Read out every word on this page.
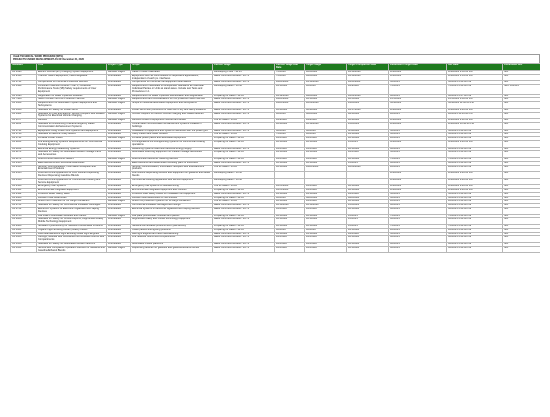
UL&E TECHNICAL WORK PROGRAM (WTG)
PROJECTS UNDER DEVELOPMENT AS OF December 31, 2020
Standard	Title	Project Type	Scope	Current Stage	Current Stage Due Date	Target Stage	Target Completion Date	Publication Target Date	ISO Date	Committed Rev
UL 1993	Electric Vehicle (EV) Charging System Equipment	Revised Pages	Cable Trouble Calibrated	Developing Proof - 10.15	7/1/2020	9/16/2020	10/16/2020	4/30/2021	4/30/2021 9:56:00 PM	N/A
UL 9540	Transfer Switch Equipment, Interchangeable	First Edition	Equipment such as commodities for dependent applications, independent of each ps. interfaces	Ballot Comment Review - 46.71	7/1/2020	9/26/2020	10/16/2020	4/30/2021	4/30/2021 4:34:00 PM	N/A
UL 1741	Components for Personal Protective Devices	First Edition	Components for Personal Tall Equipment Alternatives	Ballot Comment Review - 46.71	11/26/2020	10/16/2020	11/16/2020	3/1/2021	3/1/2021 9:46:00 PM	N/A
UL 1449	Personal Protection Devices - Part 3, Ultraviolet Performance Tests (SB) Safety requirements of User Equipment	First Edition	Requirements Individuals for Endpointed Standards as Individual Individual Parties or Units at stand-taxes. Include test Tests and Procedures in 1	Developing Ballot - 10.30	10/1/2020	9/1/2020	11/4/2020	7/1/2021	7/1/2021 9:46:00 PM	SRC 10459.0
UL 1995	Registration of Water Pipelines Modules	First Edition	Requirements for Water Pipelines Identification and Registration	Preparing for Ballot - 42.10	10/12/2020	9/20/2020	10/21/2020	6/1/2021	6/1/2021 9:47:00 PM	N/A
UL 746C	Switch Vendor Net Fire Protection Service	Revised Pages	Requirements and considerations for fire protection switch service	Ballot Comment Review - 46.71	11/26/2020	12/1/2020	12/5/2020	1/15/2021	1/15/2021 8:39:00 PM	N/A
UL 1004	Requirements for Automation System Equipment and Subsystems	Revised Pages	Scope of industrial automation equipment and subsystems	Ballot Comment Review - 46.71	11/20/2020	12/20/2020	1/20/2021	3/19/2021	3/19/2021 11:06:00 PM	N/A
UL 1066	Standard for Safety for Power Items	First Edition	Power items with provisions for safe use in dry and damp locations	Ballot Comment Review - 46.71	12/4/2020	8/19/2020	10/17/2020	4/30/2021	4/30/2021 9:46:00 PM	N/A
UL 1081	Standard for Low and Electric Vehicle Couplers and Related Systems for Electrical Vehicle Charging	Revised Pages	Vehicle couplers for electric vehicle charging and related devices	Ballot Comment Review - 46.71	9/1/2020	8/18/2020	9/21/2020	9/1/2021	9/1/2021 11:06:00 PM	N/A
UL 1077	Devices	Revised Pages	Devices limited to equipment covered and tested	Out for Ballot - 40.20	11/4/2020	11/9/2020	12/9/2020	4/30/2021	4/30/2021 2:01:00 PM	N/A
UL 1104	Standard for Announcing Critical Emergency Radio Communication Enhancement Systems	First Edition	Critical radio communication enhancement systems installed in buildings	Ballot Comment Review - 46.71	12/4/2020	12/18/2020	1/18/2021	4/30/2021	4/30/2021 10:42:00 PM	N/A
UL 1741	Equipment Using Power Grid Systems and Equipment	First Edition	Installation of equipment and systems interactive with the power grid	Ballot Comment Review - 46.71	8/1/2020	8/1/2020	8/31/2020	5/1/2021	5/1/2021 9:46:00 PM	N/A
UL 1740	Standard for Electric Utility Meters	First Edition	Utility meters and meter sockets	Out for Ballot - 40.20	7/1/2020	9/1/2020	10/1/2020	3/1/2021	3/1/2021 9:46:00 PM	N/A
UL 1741	Portable Power Packs	Revised Pages	Portable power packs and associated equipment	Preparing for Ballot - 42.10	11/1/2020	11/1/2020	12/1/2020	4/1/2021	4/1/2021 9:46:00 PM	N/A
UL 2201	Fire Extinguishing Systems Requirements for Commercial Cooking Equipment	First Edition	Pre-engineered fire extinguishing systems for commercial cooking operations	Preparing for Ballot - 42.10	12/1/2020	12/1/2020	1/1/2021	6/30/2021	6/30/2021 9:46:00 PM	N/A
UL 2202	Electrical Energy Measuring Systems	First Edition	Measuring systems used with electrical energy supply	Ballot Comment Review - 46.71	11/1/2020	11/1/2020	12/1/2020	6/1/2021	6/1/2021 9:46:00 PM	N/A
UL 2271	Standard for Safety for Automated Medium Voltage Parts and Accessories	First Edition	Automated switching equipment for medium voltage distribution	Preparing for Ballot - 42.10	10/1/2020	10/1/2020	11/1/2020	5/1/2021	5/1/2021 9:46:00 PM	N/A
UL 2272	Multi-Function Electronic Meters	Revised Pages	Multi-function electronic metering devices	Preparing for Ballot - 42.10	11/1/2020	11/1/2020	12/1/2020	7/1/2021	7/1/2021 9:46:00 PM	N/A
UL 2305	Eave Elements and Structural Assemblies	First Edition	Eave elements and assemblies including parts of structures	Ballot Comment Review - 46.71	12/1/2020	12/1/2020	1/1/2021	6/1/2021	6/1/2021 9:46:00 PM	N/A
UL 2333	Service, Communication, Information Reception and Entertainment Products	First Edition	Service, communication, information reception and entertainment products	Out for Ballot - 40.20	12/1/2020	11/20/2020	12/20/2020	4/1/2021	4/1/2021 9:46:00 PM	N/A
UL 2335	Food and Drink Appliances for Low Volume Dispensing Devices Dispensing Gasoline Blends	First Edition	Low volume dispensing devices and equipment for gasoline and diesel blends	Developing Ballot - 10.30				4/30/2021	4/30/2021 9:46:00 PM	N/A
UL 2336	Food and Drink Appliances for Commercial Cooking and Service Equipment	First Edition	Commercial cooking appliances and service equipment	Developing Ballot - 10.30				4/30/2021	4/30/2021 9:46:00 PM	N/A
UL 2560	Emergency Call Systems	First Edition	Emergency call systems for assisted living	Out for Ballot - 40.20	11/15/2020	11/1/2020	12/1/2020	4/30/2021	4/30/2021 9:46:00 PM	N/A
UL 2561	Environmental Integrated Equipment	First Edition	Environmental integrated equipment and controls	Preparing for Ballot - 42.10	11/15/2020	11/1/2020	12/1/2020	4/30/2021	4/30/2021 9:46:00 PM	N/A
UL 2562	Pressure Relief Safety Valve	First Edition	Pressure relief safety valves for installation on equipment	Ballot Comment Review - 46.71	10/1/2020	10/1/2020	11/1/2020	5/1/2021	5/1/2021 9:46:00 PM	N/A
UL 2600	Flexible Hose Assemblies	First Edition	Flexible hose assemblies for fuel transfer	Preparing for Ballot - 42.10	9/1/2020	8/20/2020	9/20/2020	3/1/2021	3/1/2021 9:46:00 PM	N/A
UL 2601	Active Fire Protection for Oil Cargo Containers	Revised Pages	Active fire protection systems for oil cargo containers	Out for Ballot - 40.20	12/1/2020	11/1/2020	12/1/2020	4/1/2021	4/1/2021 9:46:00 PM	N/A
UL 2701	Standard for Safety for Commercial Insulated Cartridges	First Edition	Commercial insulated cartridges and fittings	Ballot Comment Review - 46.71	12/16/2020	12/16/2020	1/16/2021	6/1/2021	6/1/2021 9:46:00 PM	N/A
UL 2702	Electronic Systems of Electronic Cigarettes and Vaping Devices	First Edition	Electrical systems of electronic cigarettes and vaping devices	Ballot Comment Review - 46.71	11/1/2020	11/1/2020	12/1/2020	6/1/2021	6/1/2021 9:46:00 PM	N/A
UL 2703	Flat Plate Photovoltaic Modules and Panels	Revised Pages	Flat plate photovoltaic modules and panels	Preparing for Ballot - 42.10	12/1/2020	12/1/2020	1/1/2021	7/1/2021	7/1/2021 9:46:00 PM	N/A
UL 2800	Standard for Safety for Critical Reports, Augmented Reality Mobile Technology Equipment	First Edition	Augmented reality and mobile technology equipment	Ballot Comment Review - 46.71	12/1/2020	12/1/2020	1/1/2021	6/1/2021	6/1/2021 9:46:00 PM	N/A
UL 2900	Software Cybersecurity for Network-Connectable Products	First Edition	Network-connectable products and cybersecurity	Preparing for Ballot - 42.10	12/1/2020	12/1/2020	1/1/2021	7/1/2021	7/1/2021 9:46:00 PM	N/A
UL 3001	Organic Light Emitting Diode (OLED) Panels	First Edition	OLED panels and lighting products	Preparing for Ballot - 42.10	9/1/2020	9/1/2020	10/1/2020	4/1/2021	4/1/2021 9:46:00 PM	N/A
UL 3002	Field Manufacturers Light Emitting Diode Light Engines	First Edition	LED light engines and field manufacturing	Ballot Comment Review - 46.71	10/1/2020	10/1/2020	11/1/2020	5/1/2021	5/1/2021 9:46:00 PM	N/A
UL 3003	Ceilings, Modular and Cushioned Fire Resistive Rooms and Compartments	First Edition	Fire resistive rooms and compartments	Ballot Comment Review - 46.71	11/1/2020	11/1/2020	12/1/2020	6/1/2021	6/1/2021 9:46:00 PM	N/A
UL 3100	Standard for Safety for Automated Mobile Platforms	First Edition	Automated mobile platforms	Ballot Comment Review - 46.71	11/1/2020	11/1/2020	12/1/2020	6/1/2021	6/1/2021 9:46:00 PM	N/A
UL 3101	Service and Compatible Operation Devices for Gasoline and Gasoline/Ethanol Blends	Revised Pages	Dispensing devices for gasoline and gasoline/ethanol blends	Ballot Comment Review - 46.71	11/1/2020	11/1/2020	12/1/2020	6/1/2021	6/1/2021 9:46:00 PM	N/A
